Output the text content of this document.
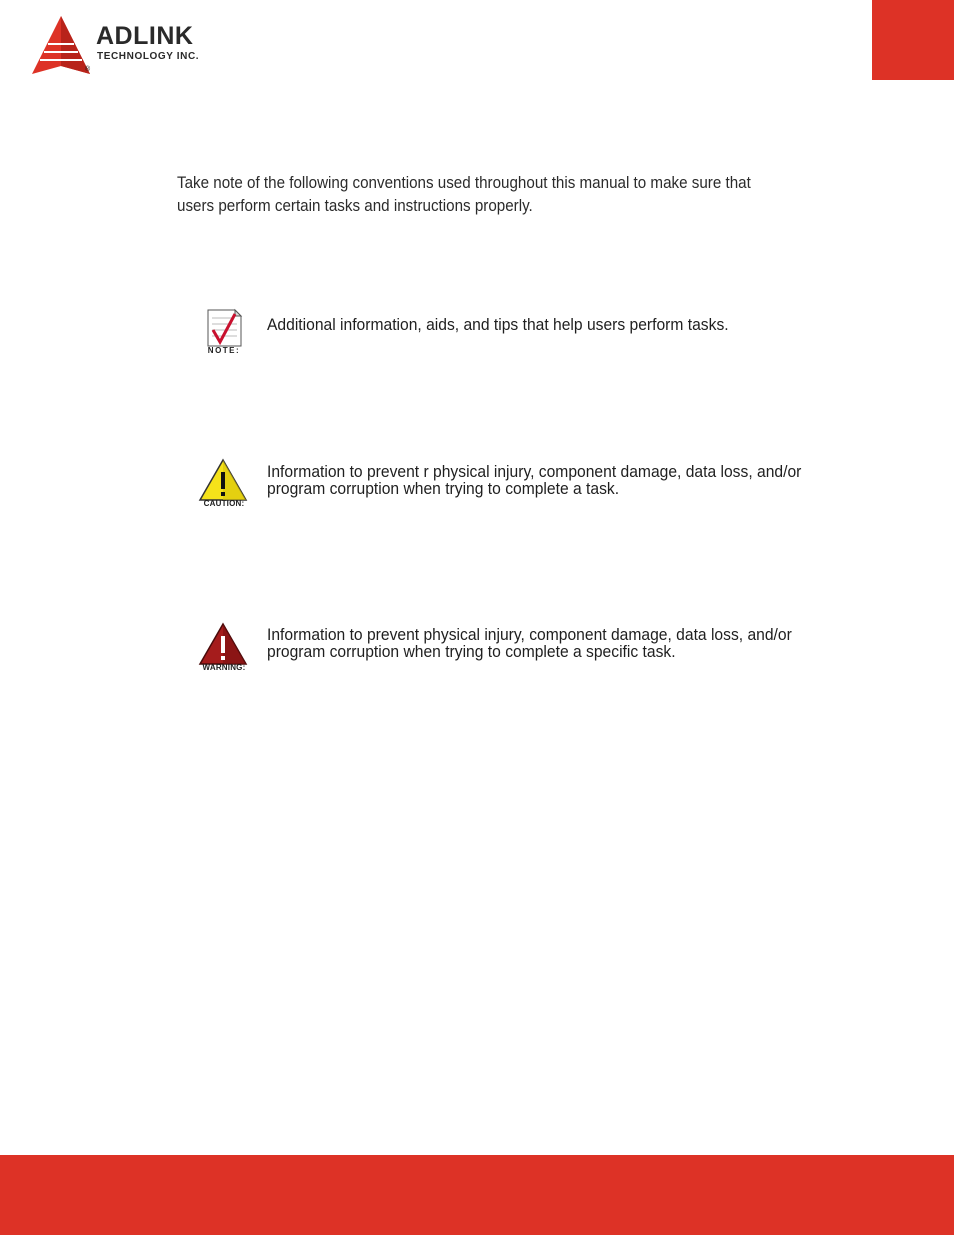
ADLINK
TECHNOLOGY INC.
®

Take note of the following conventions used throughout this manual to make sure that users perform certain tasks and instructions properly.

NOTE:

Additional information, aids, and tips that help users perform tasks.

CAUTION:

Information to prevent r physical injury, component damage, data loss, and/or program corruption when trying to complete a task.

WARNING:

Information to prevent physical injury, component damage, data loss, and/or program corruption when trying to complete a specific task.
